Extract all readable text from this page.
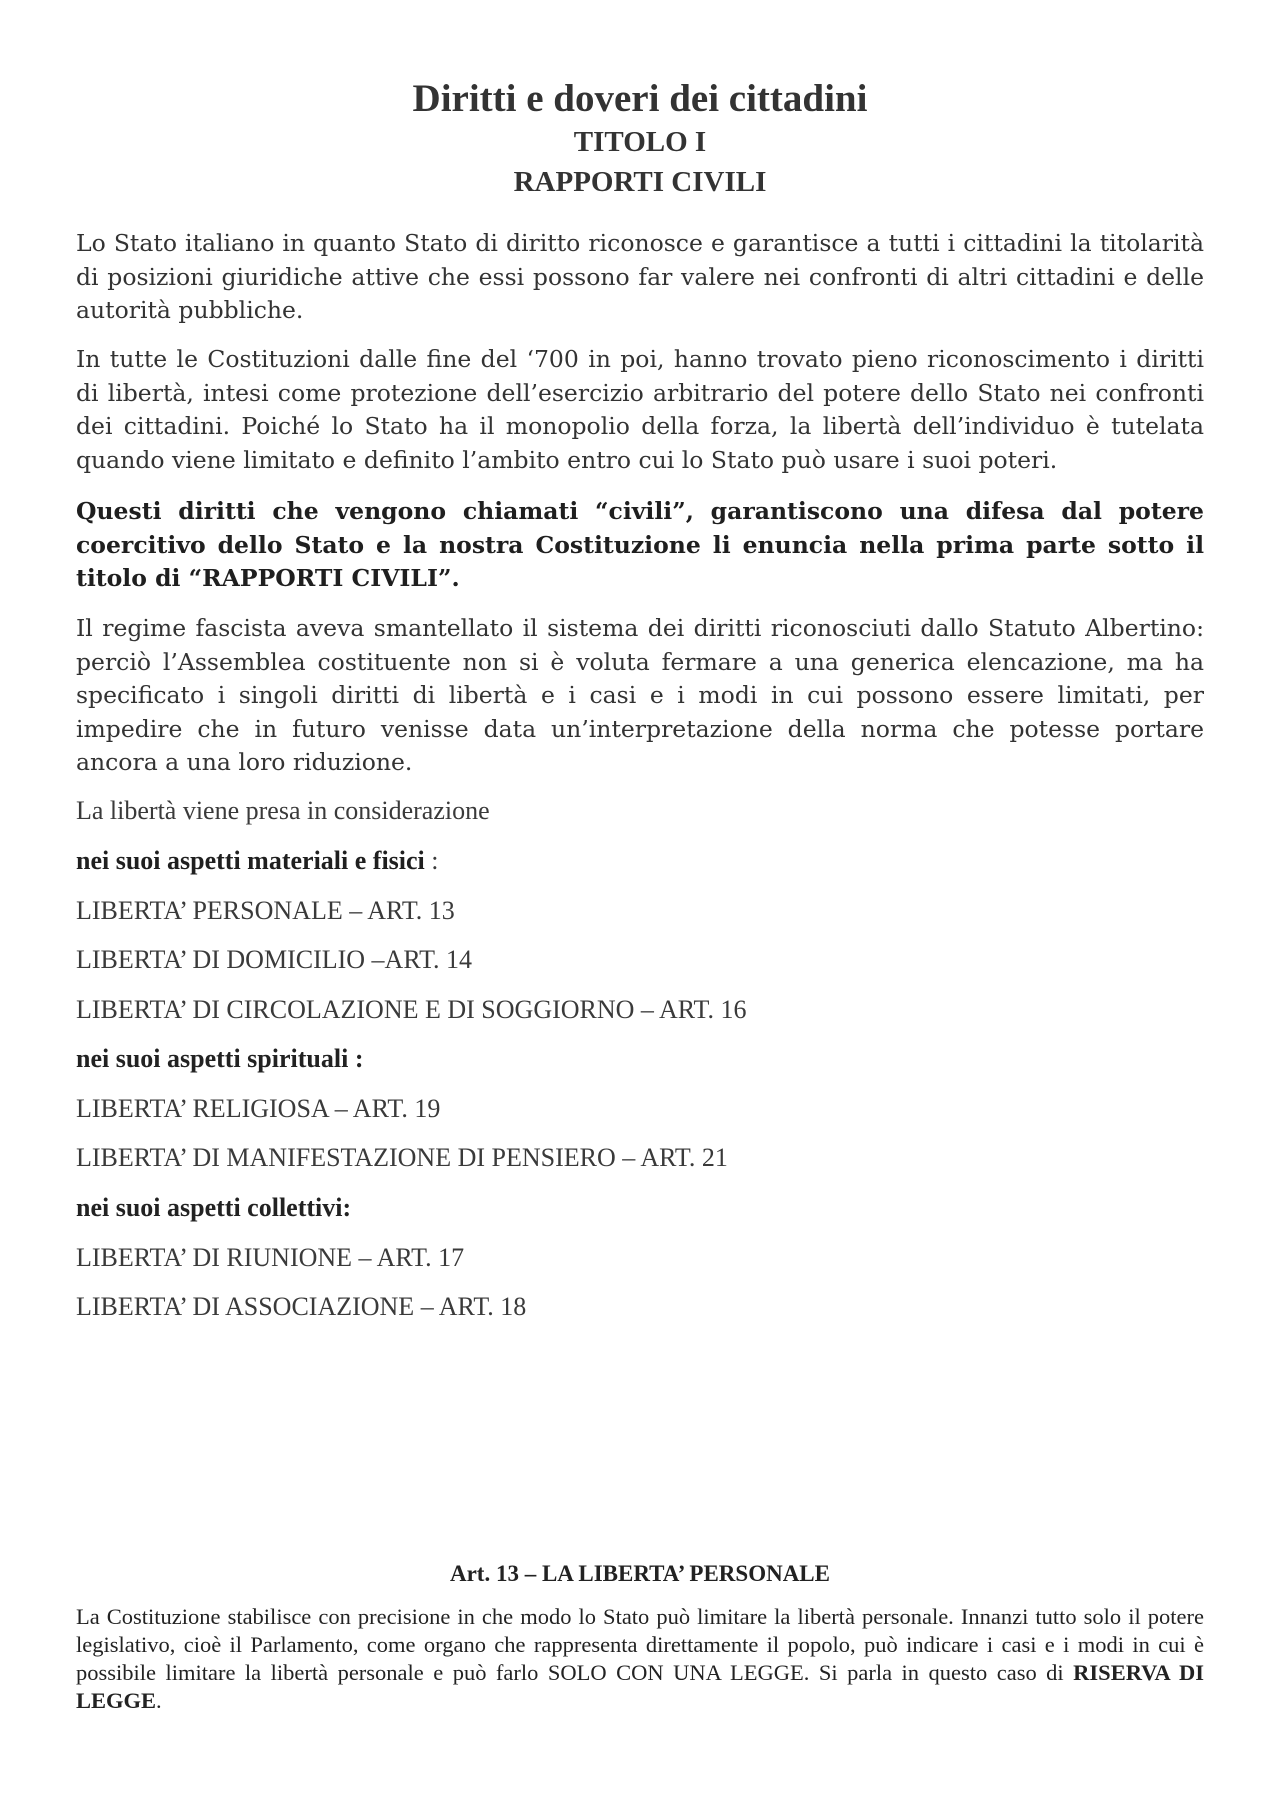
Diritti e doveri dei cittadini
TITOLO I
RAPPORTI CIVILI

Lo Stato italiano in quanto Stato di diritto riconosce e garantisce a tutti i cittadini la titolarità di posizioni giuridiche attive che essi possono far valere nei confronti di altri cittadini e delle autorità pubbliche.

In tutte le Costituzioni dalle fine del ‘700 in poi, hanno trovato pieno riconoscimento i diritti di libertà, intesi come protezione dell’esercizio arbitrario del potere dello Stato nei confronti dei cittadini. Poiché lo Stato ha il monopolio della forza, la libertà dell’individuo è tutelata quando viene limitato e definito l’ambito entro cui lo Stato può usare i suoi poteri.

Questi diritti che vengono chiamati “civili”, garantiscono una difesa dal potere coercitivo dello Stato e la nostra Costituzione li enuncia nella prima parte sotto il titolo di “RAPPORTI CIVILI”.

Il regime fascista aveva smantellato il sistema dei diritti riconosciuti dallo Statuto Albertino: perciò l’Assemblea costituente non si è voluta fermare a una generica elencazione, ma ha specificato i singoli diritti di libertà e i casi e i modi in cui possono essere limitati, per impedire che in futuro venisse data un’interpretazione della norma che potesse portare ancora a una loro riduzione.

La libertà viene presa in considerazione

nei suoi aspetti materiali e fisici :

LIBERTA’ PERSONALE – ART. 13

LIBERTA’ DI DOMICILIO –ART. 14

LIBERTA’ DI CIRCOLAZIONE E DI SOGGIORNO – ART. 16

nei suoi aspetti spirituali :

LIBERTA’ RELIGIOSA – ART. 19

LIBERTA’ DI MANIFESTAZIONE DI PENSIERO – ART. 21

nei suoi aspetti collettivi:

LIBERTA’ DI RIUNIONE – ART. 17

LIBERTA’ DI ASSOCIAZIONE – ART. 18

Art. 13 – LA LIBERTA’ PERSONALE

La Costituzione stabilisce con precisione in che modo lo Stato può limitare la libertà personale. Innanzi tutto solo il potere legislativo, cioè il Parlamento, come organo che rappresenta direttamente il popolo, può indicare i casi e i modi in cui è possibile limitare la libertà personale e può farlo SOLO CON UNA LEGGE. Si parla in questo caso di RISERVA DI LEGGE.
